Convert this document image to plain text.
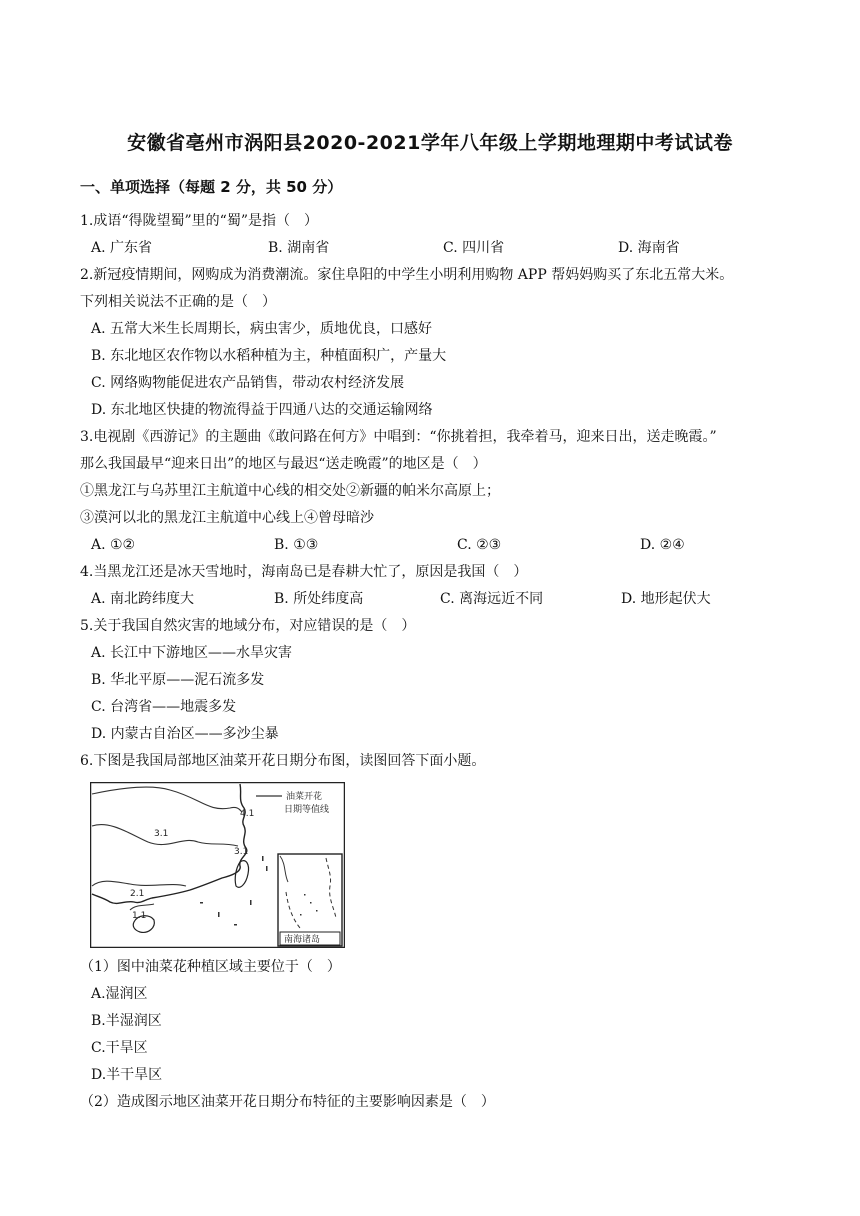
安徽省亳州市涡阳县2020-2021学年八年级上学期地理期中考试试卷
一、单项选择（每题 2 分，共 50 分）
1.成语“得陇望蜀”里的“蜀”是指（　）
A. 广东省	B. 湖南省	C. 四川省	D. 海南省
2.新冠疫情期间，网购成为消费潮流。家住阜阳的中学生小明利用购物 APP 帮妈妈购买了东北五常大米。
下列相关说法不正确的是（　）
A. 五常大米生长周期长，病虫害少，质地优良，口感好
B. 东北地区农作物以水稻种植为主，种植面积广，产量大
C. 网络购物能促进农产品销售，带动农村经济发展
D. 东北地区快捷的物流得益于四通八达的交通运输网络
3.电视剧《西游记》的主题曲《敢问路在何方》中唱到：“你挑着担，我牵着马，迎来日出，送走晚霞。”
那么我国最早“迎来日出”的地区与最迟“送走晚霞”的地区是（　）
①黑龙江与乌苏里江主航道中心线的相交处②新疆的帕米尔高原上；
③漠河以北的黑龙江主航道中心线上④曾母暗沙
A. ①②	B. ①③	C. ②③	D. ②④
4.当黑龙江还是冰天雪地时，海南岛已是春耕大忙了，原因是我国（　）
A. 南北跨纬度大	B. 所处纬度高	C. 离海远近不同	D. 地形起伏大
5.关于我国自然灾害的地域分布，对应错误的是（　）
A. 长江中下游地区——水旱灾害
B. 华北平原——泥石流多发
C. 台湾省——地震多发
D. 内蒙古自治区——多沙尘暴
6.下图是我国局部地区油菜开花日期分布图，读图回答下面小题。
油菜开花
日期等值线
4.1
3.1
3.1
2.1
1.1
南海诸岛
（1）图中油菜花种植区域主要位于（　）
A.湿润区
B.半湿润区
C.干旱区
D.半干旱区
（2）造成图示地区油菜开花日期分布特征的主要影响因素是（　）
